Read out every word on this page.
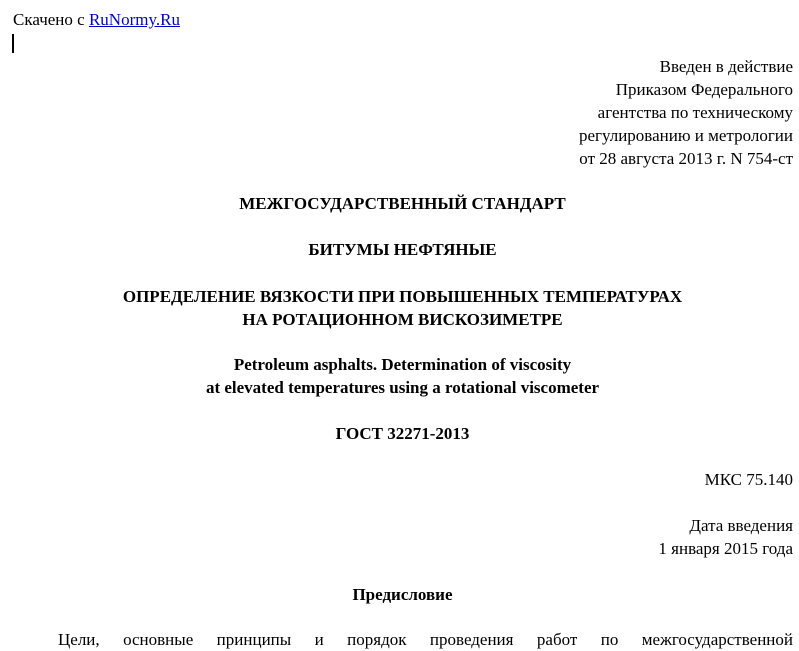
Скачено с RuNormy.Ru
Введен в действие
Приказом Федерального
агентства по техническому
регулированию и метрологии
от 28 августа 2013 г. N 754-ст
МЕЖГОСУДАРСТВЕННЫЙ СТАНДАРТ
БИТУМЫ НЕФТЯНЫЕ
ОПРЕДЕЛЕНИЕ ВЯЗКОСТИ ПРИ ПОВЫШЕННЫХ ТЕМПЕРАТУРАХ
НА РОТАЦИОННОМ ВИСКОЗИМЕТРЕ
Petroleum asphalts. Determination of viscosity
at elevated temperatures using a rotational viscometer
ГОСТ 32271-2013
МКС 75.140
Дата введения
1 января 2015 года
Предисловие
Цели, основные принципы и порядок проведения работ по межгосударственной
